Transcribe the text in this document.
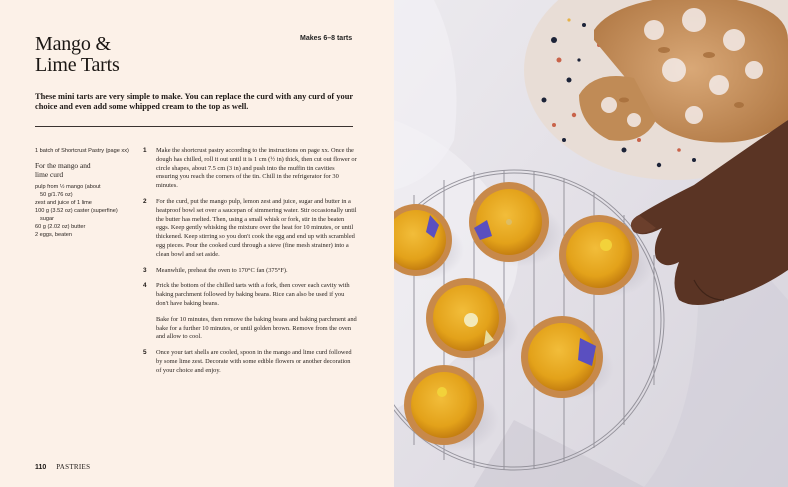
Mango &
Lime Tarts
Makes 6–8 tarts
These mini tarts are very simple to make. You can replace the curd with any curd of your choice and even add some whipped cream to the top as well.
1 batch of Shortcrust Pastry (page xx)
For the mango and
lime curd
pulp from ½ mango (about
50 g/1.76 oz)
zest and juice of 1 lime
100 g (3.52 oz) caster (superfine)
sugar
60 g (2.02 oz) butter
2 eggs, beaten
1	Make the shortcrust pastry according to the instructions on page xx. Once the dough has chilled, roll it out until it is 1 cm (½ in) thick, then cut out flower or circle shapes, about 7.5 cm (3 in) and push into the muffin tin cavities ensuring you reach the corners of the tin. Chill in the refrigerator for 30 minutes.
2	For the curd, put the mango pulp, lemon zest and juice, sugar and butter in a heatproof bowl set over a saucepan of simmering water. Stir occasionally until the butter has melted. Then, using a small whisk or fork, stir in the beaten eggs. Keep gently whisking the mixture over the heat for 10 minutes, or until thickened. Keep stirring so you don't cook the egg and end up with scrambled egg pieces. Pour the cooked curd through a sieve (fine mesh strainer) into a clean bowl and set aside.
3	Meanwhile, preheat the oven to 170°C fan (375°F).
4	Prick the bottom of the chilled tarts with a fork, then cover each cavity with baking parchment followed by baking beans. Rice can also be used if you don't have baking beans.
Bake for 10 minutes, then remove the baking beans and baking parchment and bake for a further 10 minutes, or until golden brown. Remove from the oven and allow to cool.
5	Once your tart shells are cooled, spoon in the mango and lime curd followed by some lime zest. Decorate with some edible flowers or another decoration of your choice and enjoy.
110 PASTRIES
